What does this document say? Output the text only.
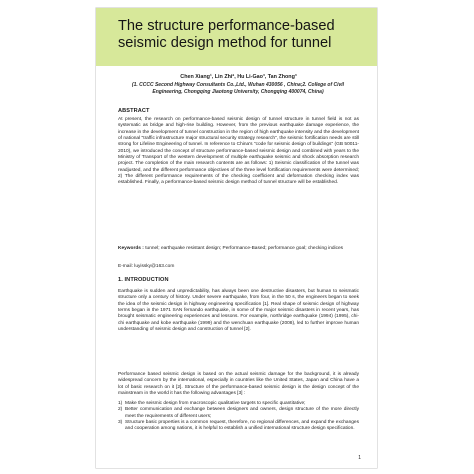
The structure performance-based seismic design method for tunnel
Chen Xiang¹, Lin Zhi², Hu Li-Gao³, Tan Zhong³
(1. CCCC Second Highway Consultants Co.,Ltd., Wuhan 430056 , China;2. College of Civil Engineering, Chongqing Jiaotong University, Chongqing 400074, China)
ABSTRACT

At present, the research on performance-based seismic design of tunnel structure in tunnel field is not as systematic as bridge and high-rise building. However, from the previous earthquake damage experience, the increase in the development of tunnel construction in the region of high earthquake intensity and the development of national "traffic infrastructure major structural security strategy research", the seismic fortification needs are still strong for Lifeline Engineering of tunnel. In reference to China's "code for seismic design of buildings" (GB 50011-2010), we introduced the concept of structure performance-based seismic design and combined with years to the Ministry of Transport of the western development of multiple earthquake seismic and shock absorption research project. The completion of the main research contents are as follows: 1) Seismic classification of the tunnel was readjusted, and the different performance objectives of the three level fortification requirements were determined; 2) The different performance requirements of the checking coefficient and deformation checking index was established. Finally, a performance-based seismic design method of tunnel structure will be established.

Keywords : tunnel; earthquake resistant design; Performance-Based; performance goal; checking indices

E-mail: luyissky@163.com

1. INTRODUCTION

Earthquake is sudden and unpredictability, has always been one destructive disasters, but human to seismatic structure only a century of history. Under severe earthquake, from four, in the 50 s, the engineers began to seek the idea of the seismic design in highway engineering specification [1]. Real shape of seismic design of highway terms began in the 1971 SAN fernando earthquake, in some of the major seismic disasters in recent years, has brought seismatic engineering experiences and lessons. For example, northridge earthquake (1994) (1995), chi-chi earthquake and kobe earthquake (1999) and the wenchuan earthquake (2008), led to further improve human understanding of seismic design and construction of tunnel [2].

Performance based seismic design is based on the actual seismic damage for the background, it is already widespread concern by the international, especially in countries like the United States, Japan and China have a lot of basic research on it [2]. Structure of the performance-based seismic design is the design concept of the mainstream in the world it has the following advantages [3] :

1) Make the seismic design from macroscopic qualitative targets to specific quantitative;
2) Better communication and exchange between designers and owners, design structure of the more directly meet the requirements of different users;
3) Structure basic properties is a common request, therefore, no regional differences, and expand the exchanges and cooperation among nations, it is helpful to establish a unified international structure design specification.
1
